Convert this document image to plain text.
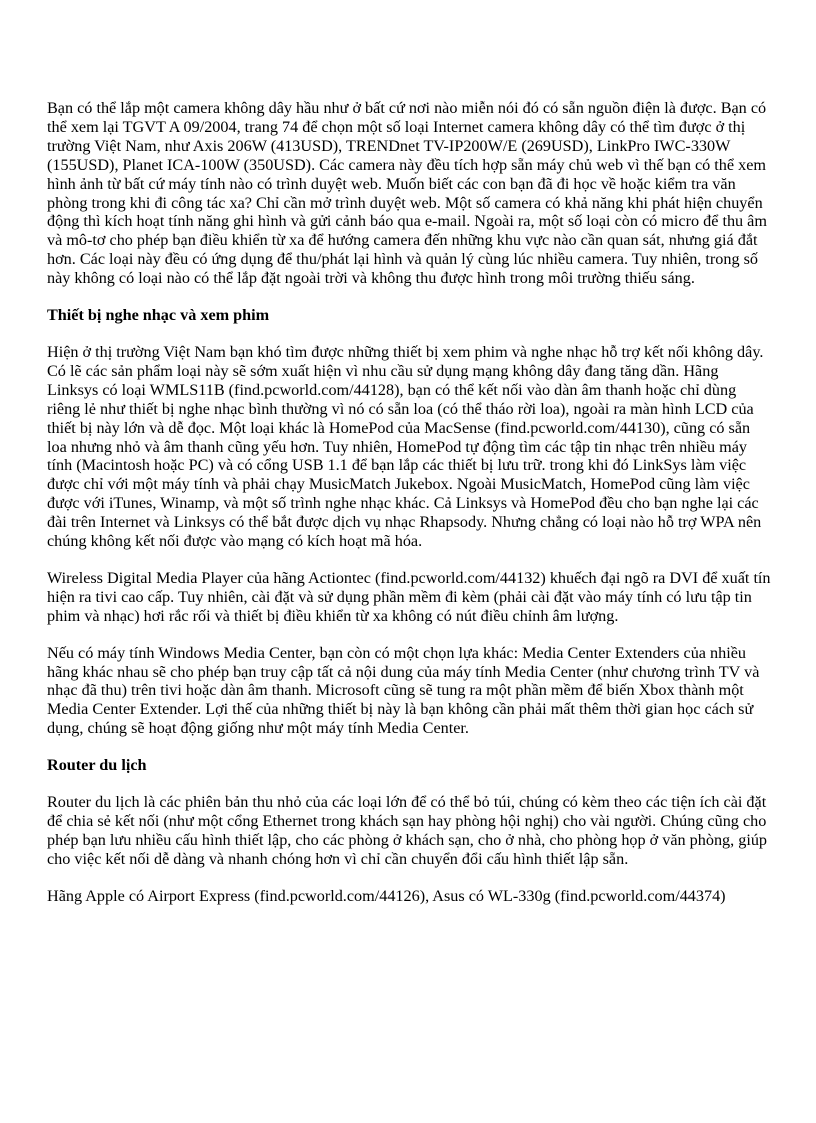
Bạn có thể lắp một camera không dây hầu như ở bất cứ nơi nào miễn nói đó có sẵn nguồn điện là được. Bạn có thể xem lại TGVT A 09/2004, trang 74 để chọn một số loại Internet camera không dây có thể tìm được ở thị trường Việt Nam, như Axis 206W (413USD), TRENDnet TV-IP200W/E (269USD), LinkPro IWC-330W (155USD), Planet ICA-100W (350USD). Các camera này đều tích hợp sẵn máy chủ web vì thế bạn có thể xem hình ảnh từ bất cứ máy tính nào có trình duyệt web. Muốn biết các con bạn đã đi học về hoặc kiểm tra văn phòng trong khi đi công tác xa? Chỉ cần mở trình duyệt web. Một số camera có khả năng khi phát hiện chuyển động thì kích hoạt tính năng ghi hình và gửi cảnh báo qua e-mail. Ngoài ra, một số loại còn có micro để thu âm và mô-tơ cho phép bạn điều khiển từ xa để hướng camera đến những khu vực nào cần quan sát, nhưng giá đắt hơn. Các loại này đều có ứng dụng để thu/phát lại hình và quản lý cùng lúc nhiều camera. Tuy nhiên, trong số này không có loại nào có thể lắp đặt ngoài trời và không thu được hình trong môi trường thiếu sáng.

Thiết bị nghe nhạc và xem phim

Hiện ở thị trường Việt Nam bạn khó tìm được những thiết bị xem phim và nghe nhạc hỗ trợ kết nối không dây. Có lẽ các sản phẩm loại này sẽ sớm xuất hiện vì nhu cầu sử dụng mạng không dây đang tăng dần. Hãng Linksys có loại WMLS11B (find.pcworld.com/44128), bạn có thể kết nối vào dàn âm thanh hoặc chỉ dùng riêng lẻ như thiết bị nghe nhạc bình thường vì nó có sẵn loa (có thể tháo rời loa), ngoài ra màn hình LCD của thiết bị này lớn và dễ đọc. Một loại khác là HomePod của MacSense (find.pcworld.com/44130), cũng có sẵn loa nhưng nhỏ và âm thanh cũng yếu hơn. Tuy nhiên, HomePod tự động tìm các tập tin nhạc trên nhiều máy tính (Macintosh hoặc PC) và có cổng USB 1.1 để bạn lắp các thiết bị lưu trữ. trong khi đó LinkSys làm việc được chỉ với một máy tính và phải chạy MusicMatch Jukebox. Ngoài MusicMatch, HomePod cũng làm việc được với iTunes, Winamp, và một số trình nghe nhạc khác. Cả Linksys và HomePod đều cho bạn nghe lại các đài trên Internet và Linksys có thể bắt được dịch vụ nhạc Rhapsody. Nhưng chẳng có loại nào hỗ trợ WPA nên chúng không kết nối được vào mạng có kích hoạt mã hóa.

Wireless Digital Media Player của hãng Actiontec (find.pcworld.com/44132) khuếch đại ngõ ra DVI để xuất tín hiện ra tivi cao cấp. Tuy nhiên, cài đặt và sử dụng phần mềm đi kèm (phải cài đặt vào máy tính có lưu tập tin phim và nhạc) hơi rắc rối và thiết bị điều khiển từ xa không có nút điều chỉnh âm lượng.

Nếu có máy tính Windows Media Center, bạn còn có một chọn lựa khác: Media Center Extenders của nhiều hãng khác nhau sẽ cho phép bạn truy cập tất cả nội dung của máy tính Media Center (như chương trình TV và nhạc đã thu) trên tivi hoặc dàn âm thanh. Microsoft cũng sẽ tung ra một phần mềm để biến Xbox thành một Media Center Extender. Lợi thế của những thiết bị này là bạn không cần phải mất thêm thời gian học cách sử dụng, chúng sẽ hoạt động giống như một máy tính Media Center.

Router du lịch

Router du lịch là các phiên bản thu nhỏ của các loại lớn để có thể bỏ túi, chúng có kèm theo các tiện ích cài đặt để chia sẻ kết nối (như một cổng Ethernet trong khách sạn hay phòng hội nghị) cho vài người. Chúng cũng cho phép bạn lưu nhiều cấu hình thiết lập, cho các phòng ở khách sạn, cho ở nhà, cho phòng họp ở văn phòng, giúp cho việc kết nối dễ dàng và nhanh chóng hơn vì chỉ cần chuyển đổi cấu hình thiết lập sẵn.

Hãng Apple có Airport Express (find.pcworld.com/44126), Asus có WL-330g (find.pcworld.com/44374)
